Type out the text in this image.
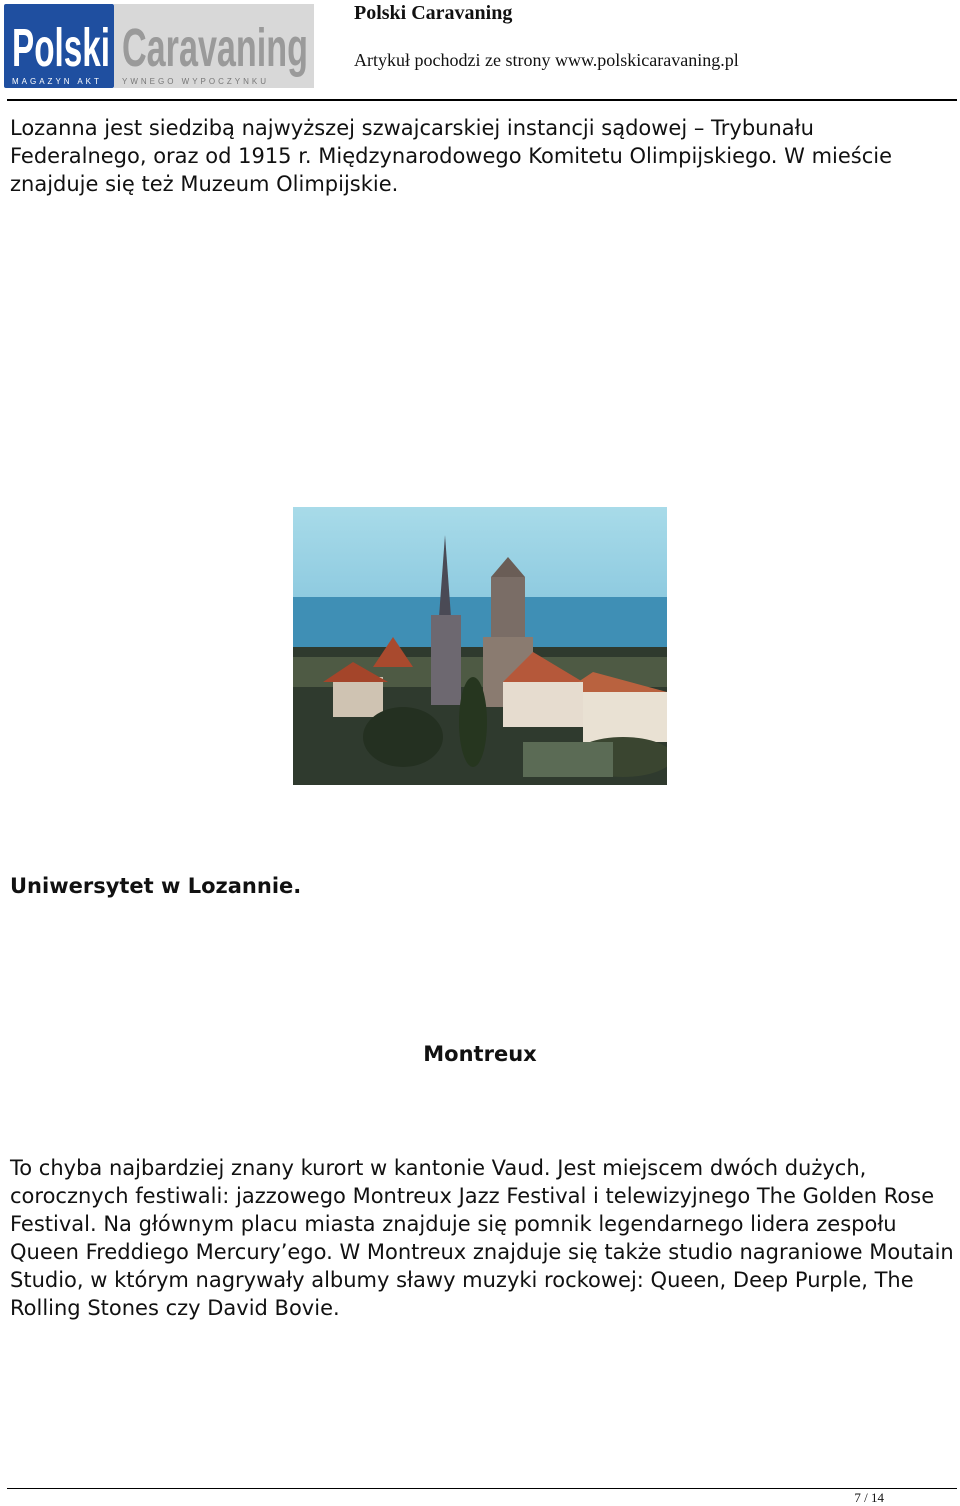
Polski Caravaning
MAGAZYN AKT	YWNEGO WYPOCZYNKU
Polski Caravaning
Artykuł pochodzi ze strony www.polskicaravaning.pl

Lozanna jest siedzibą najwyższej szwajcarskiej instancji sądowej – Trybunału Federalnego, oraz od 1915 r. Międzynarodowego Komitetu Olimpijskiego. W mieście znajduje się też Muzeum Olimpijskie.

Uniwersytet w Lozannie.

Montreux

To chyba najbardziej znany kurort w kantonie Vaud. Jest miejscem dwóch dużych, corocznych festiwali: jazzowego Montreux Jazz Festival i telewizyjnego The Golden Rose Festival. Na głównym placu miasta znajduje się pomnik legendarnego lidera zespołu Queen Freddiego Mercury’ego. W Montreux znajduje się także studio nagraniowe Moutain Studio, w którym nagrywały albumy sławy muzyki rockowej: Queen, Deep Purple, The Rolling Stones czy David Bovie.

7 / 14
